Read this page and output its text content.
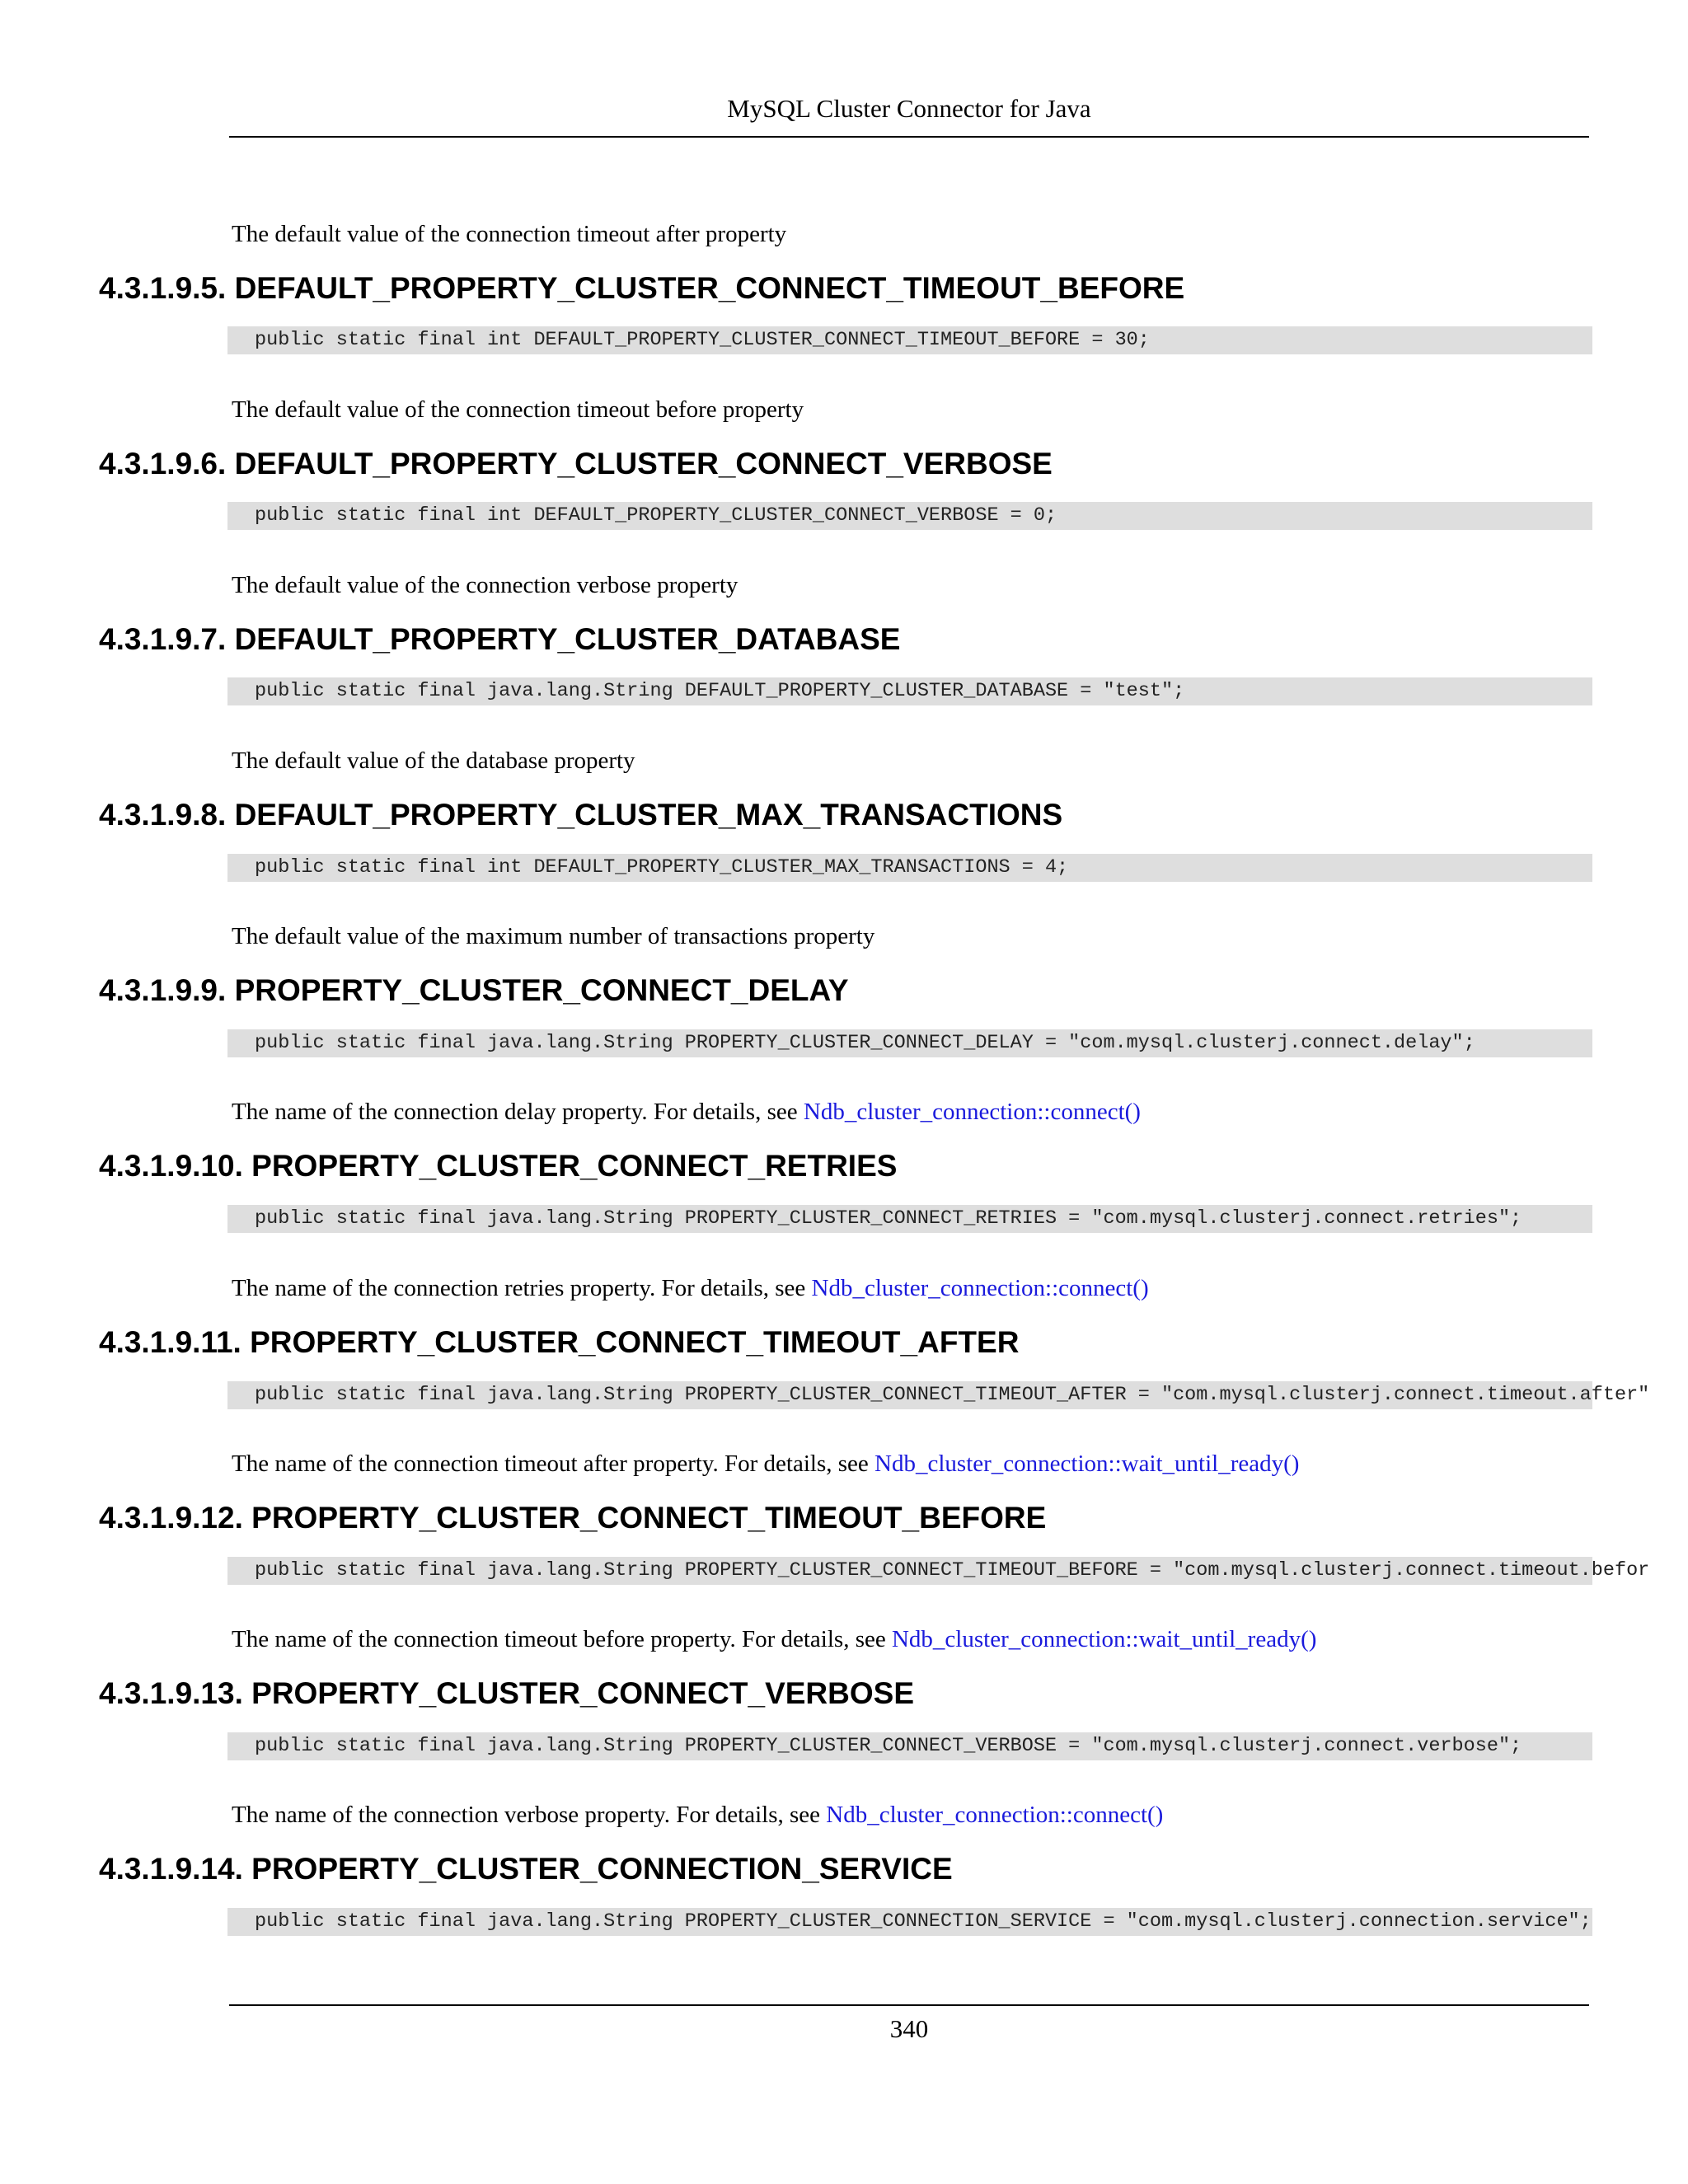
MySQL Cluster Connector for Java

The default value of the connection timeout after property

4.3.1.9.5. DEFAULT_PROPERTY_CLUSTER_CONNECT_TIMEOUT_BEFORE
public static final int DEFAULT_PROPERTY_CLUSTER_CONNECT_TIMEOUT_BEFORE = 30;

The default value of the connection timeout before property

4.3.1.9.6. DEFAULT_PROPERTY_CLUSTER_CONNECT_VERBOSE
public static final int DEFAULT_PROPERTY_CLUSTER_CONNECT_VERBOSE = 0;

The default value of the connection verbose property

4.3.1.9.7. DEFAULT_PROPERTY_CLUSTER_DATABASE
public static final java.lang.String DEFAULT_PROPERTY_CLUSTER_DATABASE = "test";

The default value of the database property

4.3.1.9.8. DEFAULT_PROPERTY_CLUSTER_MAX_TRANSACTIONS
public static final int DEFAULT_PROPERTY_CLUSTER_MAX_TRANSACTIONS = 4;

The default value of the maximum number of transactions property

4.3.1.9.9. PROPERTY_CLUSTER_CONNECT_DELAY
public static final java.lang.String PROPERTY_CLUSTER_CONNECT_DELAY = "com.mysql.clusterj.connect.delay";

The name of the connection delay property. For details, see Ndb_cluster_connection::connect()

4.3.1.9.10. PROPERTY_CLUSTER_CONNECT_RETRIES
public static final java.lang.String PROPERTY_CLUSTER_CONNECT_RETRIES = "com.mysql.clusterj.connect.retries";

The name of the connection retries property. For details, see Ndb_cluster_connection::connect()

4.3.1.9.11. PROPERTY_CLUSTER_CONNECT_TIMEOUT_AFTER
public static final java.lang.String PROPERTY_CLUSTER_CONNECT_TIMEOUT_AFTER = "com.mysql.clusterj.connect.timeout.after"

The name of the connection timeout after property. For details, see Ndb_cluster_connection::wait_until_ready()

4.3.1.9.12. PROPERTY_CLUSTER_CONNECT_TIMEOUT_BEFORE
public static final java.lang.String PROPERTY_CLUSTER_CONNECT_TIMEOUT_BEFORE = "com.mysql.clusterj.connect.timeout.befor

The name of the connection timeout before property. For details, see Ndb_cluster_connection::wait_until_ready()

4.3.1.9.13. PROPERTY_CLUSTER_CONNECT_VERBOSE
public static final java.lang.String PROPERTY_CLUSTER_CONNECT_VERBOSE = "com.mysql.clusterj.connect.verbose";

The name of the connection verbose property. For details, see Ndb_cluster_connection::connect()

4.3.1.9.14. PROPERTY_CLUSTER_CONNECTION_SERVICE
public static final java.lang.String PROPERTY_CLUSTER_CONNECTION_SERVICE = "com.mysql.clusterj.connection.service";
340
